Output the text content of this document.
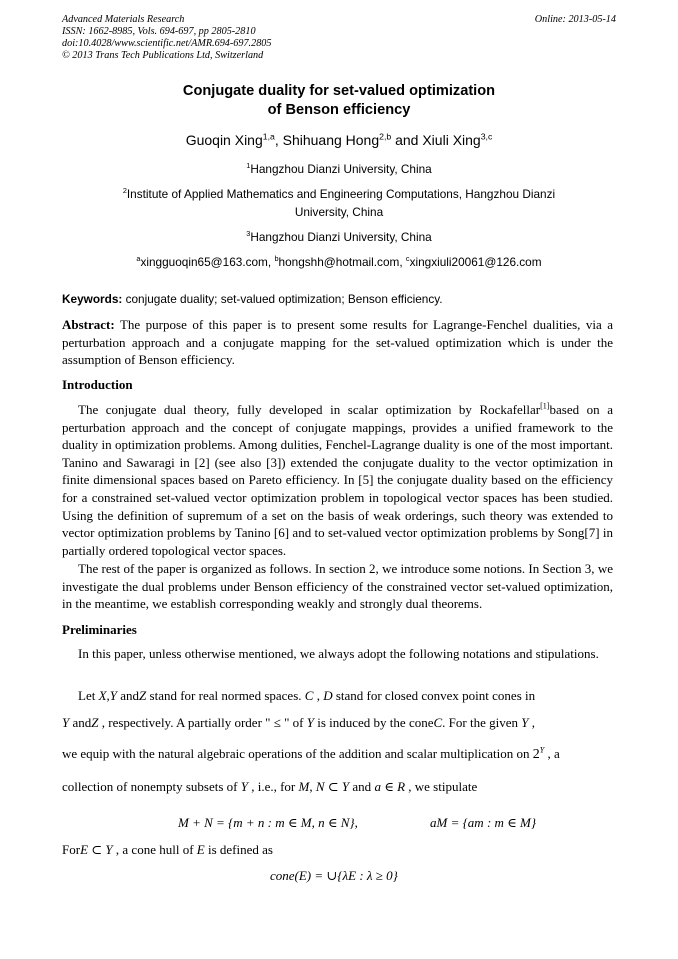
Advanced Materials Research
ISSN: 1662-8985, Vols. 694-697, pp 2805-2810
doi:10.4028/www.scientific.net/AMR.694-697.2805
© 2013 Trans Tech Publications Ltd, Switzerland
Online: 2013-05-14
Conjugate duality for set-valued optimization
of Benson efficiency
Guoqin Xing$^{1,a}$, Shihuang Hong$^{2,b}$ and Xiuli Xing$^{3,c}$
$^1$Hangzhou Dianzi University, China
$^2$Institute of Applied Mathematics and Engineering Computations, Hangzhou Dianzi University, China
$^3$Hangzhou Dianzi University, China
$^a$xingguoqin65@163.com, $^b$hongshh@hotmail.com, $^c$xingxiuli20061@126.com
Keywords: conjugate duality; set-valued optimization; Benson efficiency.
Abstract: The purpose of this paper is to present some results for Lagrange-Fenchel dualities, via a perturbation approach and a conjugate mapping for the set-valued optimization which is under the assumption of Benson efficiency.
Introduction
The conjugate dual theory, fully developed in scalar optimization by Rockafellar[1]based on a perturbation approach and the concept of conjugate mappings, provides a unified framework to the duality in optimization problems. Among dulities, Fenchel-Lagrange duality is one of the most important. Tanino and Sawaragi in [2] (see also [3]) extended the conjugate duality to the vector optimization in finite dimensional spaces based on Pareto efficiency. In [5] the conjugate duality based on the efficiency for a constrained set-valued vector optimization problem in topological vector spaces has been studied. Using the definition of supremum of a set on the basis of weak orderings, such theory was extended to vector optimization problems by Tanino [6] and to set-valued vector optimization problems by Song[7] in partially ordered topological vector spaces.
The rest of the paper is organized as follows. In section 2, we introduce some notions. In Section 3, we investigate the dual problems under Benson efficiency of the constrained vector set-valued optimization, in the meantime, we establish corresponding weakly and strongly dual theorems.
Preliminaries
In this paper, unless otherwise mentioned, we always adopt the following notations and stipulations.
Let X,Y andZ stand for real normed spaces. C , D stand for closed convex point cones in
Y andZ , respectively. A partially order " ≤ " of Y is induced by the coneC. For the given Y ,
we equip with the natural algebraic operations of the addition and scalar multiplication on $2^Y$ , a
collection of nonempty subsets of Y , i.e., for M, N ⊂ Y and a ∈ R , we stipulate
M + N = {m + n : m ∈ M, n ∈ N},	aM = {am : m ∈ M}
ForE ⊂ Y , a cone hull of E is defined as
cone(E) = ∪{λE : λ ≥ 0}
